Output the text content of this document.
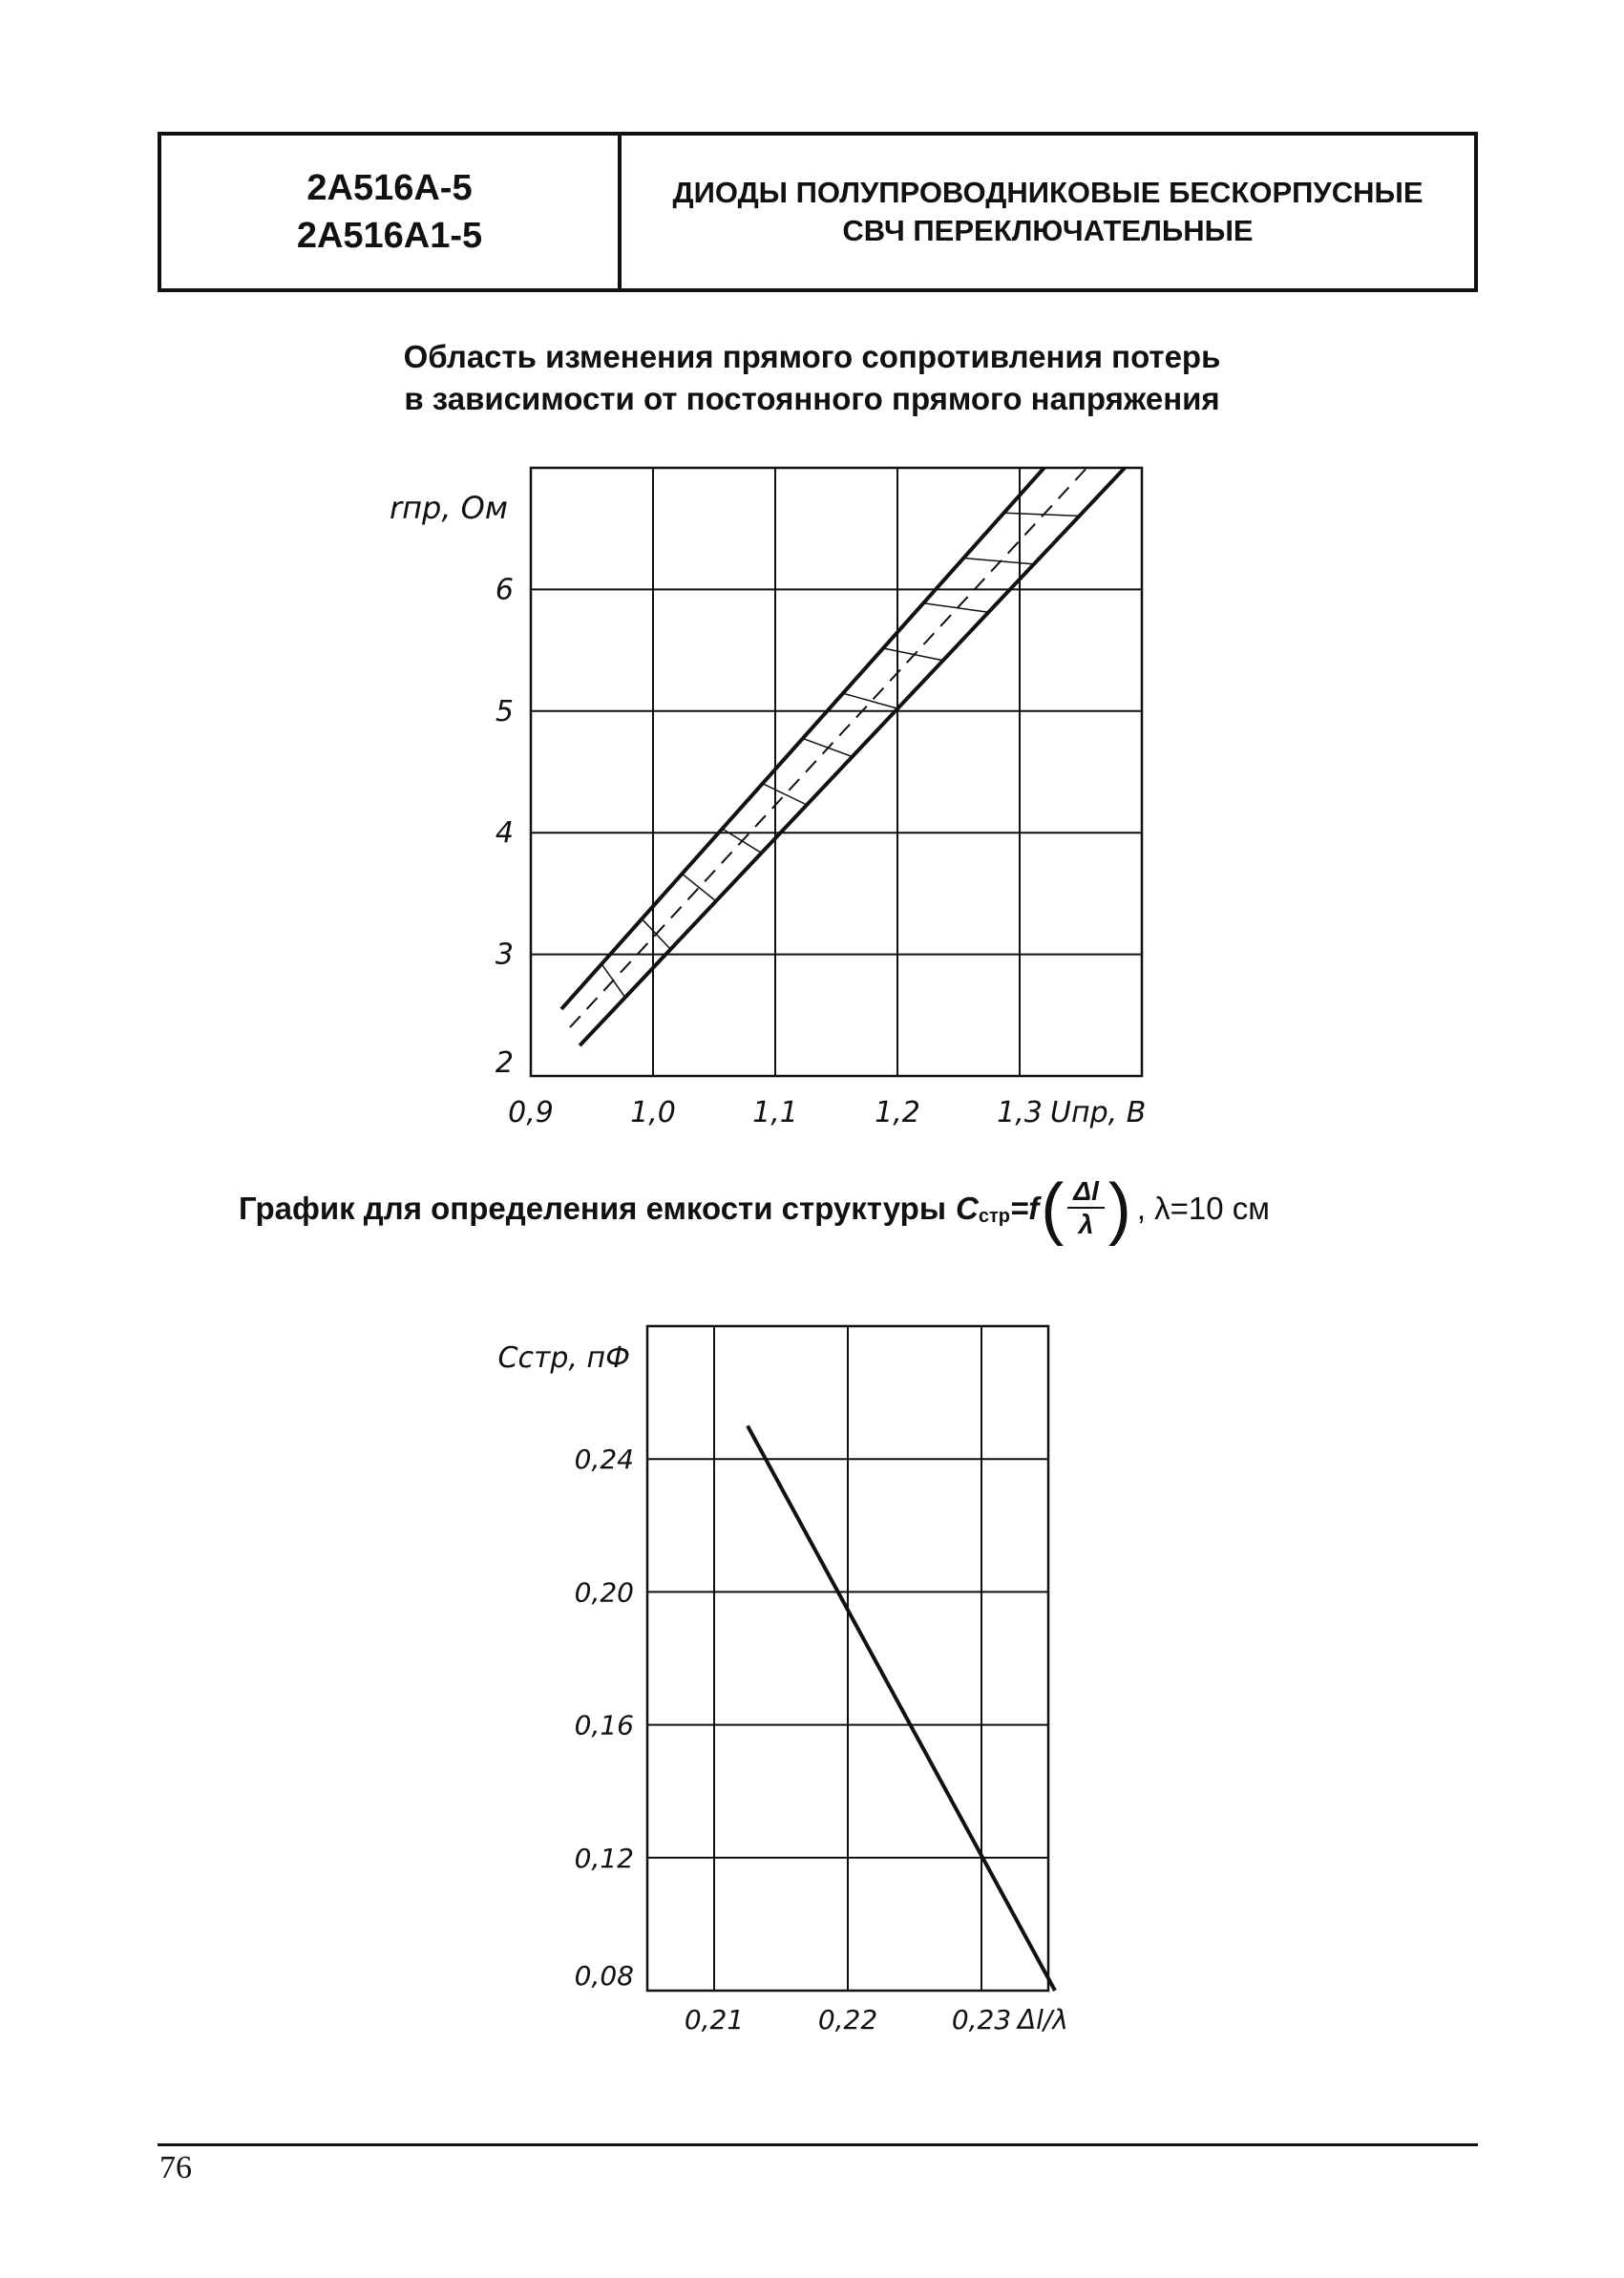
2А516А-5
2А516А1-5
ДИОДЫ ПОЛУПРОВОДНИКОВЫЕ БЕСКОРПУСНЫЕ
СВЧ ПЕРЕКЛЮЧАТЕЛЬНЫЕ
Область изменения прямого сопротивления потерь
в зависимости от постоянного прямого напряжения
0,9	1,0	1,1	1,2	1,3
2
3
4
5
6
rпр, Ом
Uпр, В
График для определения емкости структуры C стр =f ( $\frac{\Delta l}{\lambda}$ ) , λ=10 см
0,21	0,22	0,23
0,08
0,12
0,16
0,20
0,24
Cстр, пФ
Δl/λ
76
